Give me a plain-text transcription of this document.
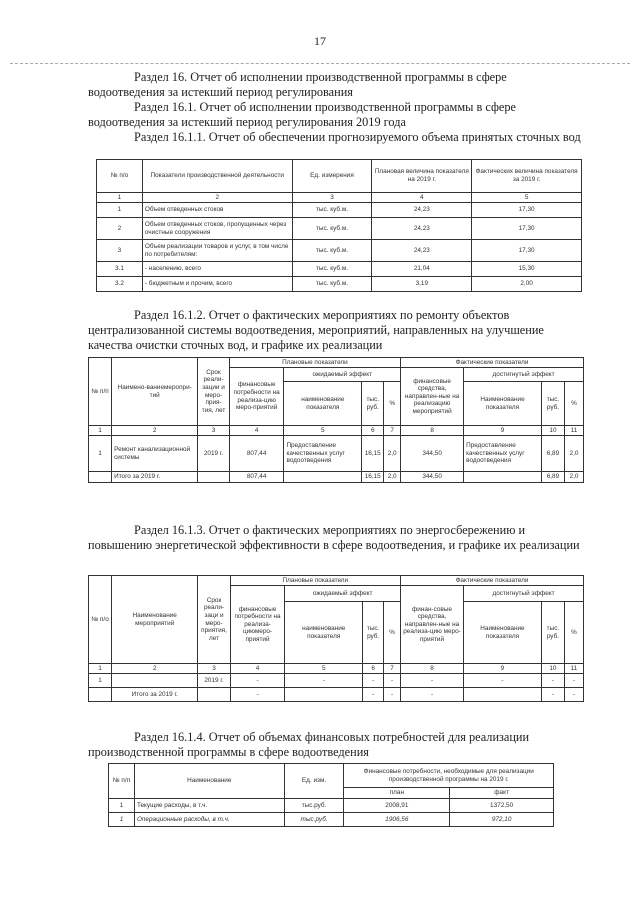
17
Раздел 16. Отчет об исполнении производственной программы в сфере водоотведения за истекший период регулирования
Раздел 16.1. Отчет об исполнении производственной программы в сфере водоотведения за истекший период регулирования 2019 года
Раздел 16.1.1. Отчет об обеспечении прогнозируемого объема принятых сточных вод
№ п/о	Показатели производственной деятельности	Ед. измерения	Плановая величина показателя на 2019 г.	Фактических величина показателя за 2019 г.
1	2	3	4	5
1	Объем отведенных стоков	тыс. куб.м.	24,23	17,30
2	Объем отведенных стоков, пропущенных через очистные сооружения	тыс. куб.м.	24,23	17,30
3	Объем реализации товаров и услуг, в том числе по потребителям:	тыс. куб.м.	24,23	17,30
3.1	- населению, всего	тыс. куб.м.	21,04	15,30
3.2	- бюджетным и прочим, всего	тыс. куб.м.	3,19	2,00
Раздел 16.1.2. Отчет о фактических мероприятиях по ремонту объектов централизованной системы водоотведения, мероприятий, направленных на улучшение качества очистки сточных вод, и графике их реализации
№ п/п	Наимено-ваниемеропри-тий	Срок реали-зации и меро-прия-тия, лет	Плановые показатели				Фактические показатели			
			финансовые потребности на реализа-цию меро-приятий	ожидаемый эффект			финансовые средства, направлен-ные на реализацию мероприятий	достигнутый эффект		
				наименование показателя	тыс. руб.	%		Наименование показателя	тыс. руб.	%
1	2	3	4	5	6	7	8	9	10	11
1	Ремонт канализационной системы	2019 г.	807,44	Предоставление качественных услуг водоотведения	16,15	2,0	344,50	Предоставление качественных услуг водоотведения	6,89	2,0
	Итого за 2019 г.		807,44		16,15	2,0	344,50		6,89	2,0
Раздел 16.1.3. Отчет о фактических мероприятиях по энергосбережению и повышению энергетической эффективности в сфере водоотведения, и графике их реализации
№ п/о	Наименование мероприятий	Срок реали-заци и меро-приятия, лет	Плановые показатели				Фактические показатели			
			финансовые потребности на реализа-циюмеро-приятий	ожидаемый эффект			финан-совые средства, направлен-ные на реализа-цию меро-приятий	достигнутый эффект		
				наименование показателя	тыс. руб.	%		Наименование показателя	тыс. руб.	%
1	2	3	4	5	6	7	8	9	10	11
1		2019 г.	-	-	-	-	-	-	-	-
	Итого за 2019 г.		-		-	-	-		-	-
Раздел 16.1.4. Отчет об объемах финансовых потребностей для реализации производственной программы в сфере водоотведения
№ п/п	Наименование	Ед. изм.	Финансовые потребности, необходимые для реализации производственной программы на 2019 г.	
			план	факт
1	Текущие расходы, в т.ч.	тыс.руб.	2008,91	1372,50
1	Операционные расходы, в т.ч.	тыс.руб.	1906,56	972,10
